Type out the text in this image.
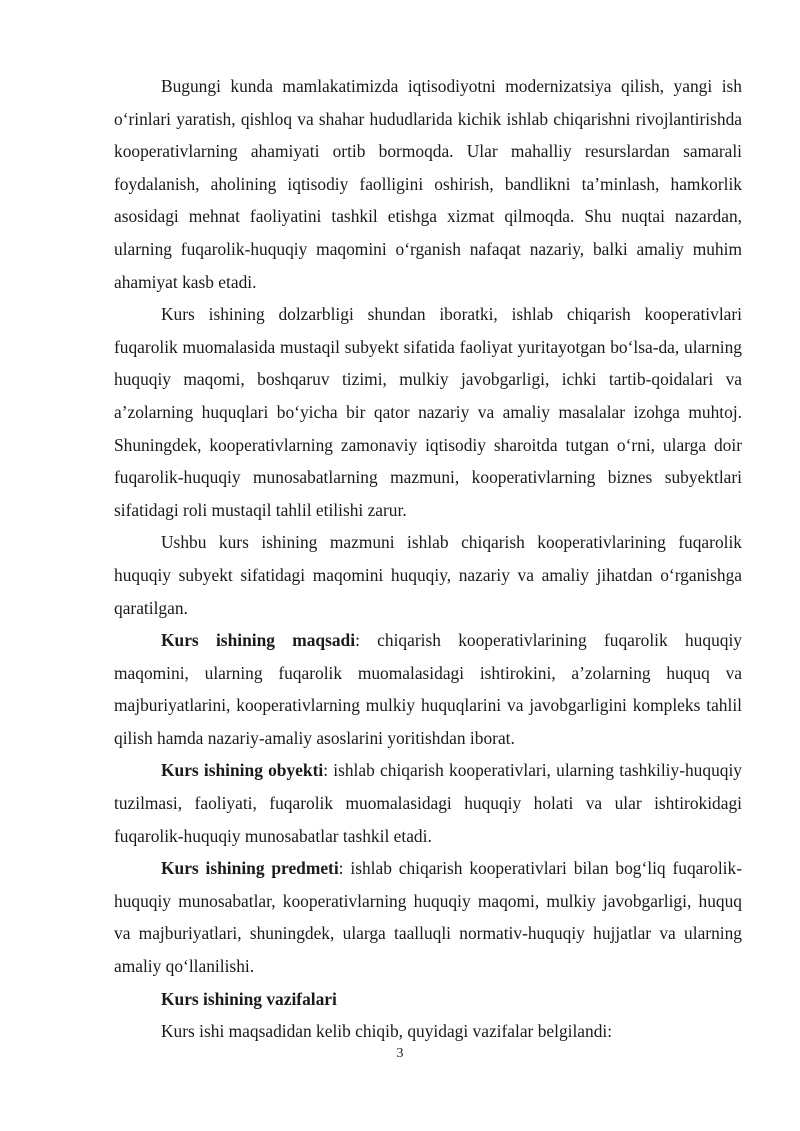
Bugungi kunda mamlakatimizda iqtisodiyotni modernizatsiya qilish, yangi ish o‘rinlari yaratish, qishloq va shahar hududlarida kichik ishlab chiqarishni rivojlantirishda kooperativlarning ahamiyati ortib bormoqda. Ular mahalliy resurslardan samarali foydalanish, aholining iqtisodiy faolligini oshirish, bandlikni ta’minlash, hamkorlik asosidagi mehnat faoliyatini tashkil etishga xizmat qilmoqda. Shu nuqtai nazardan, ularning fuqarolik-huquqiy maqomini o‘rganish nafaqat nazariy, balki amaliy muhim ahamiyat kasb etadi.

Kurs ishining dolzarbligi shundan iboratki, ishlab chiqarish kooperativlari fuqarolik muomalasida mustaqil subyekt sifatida faoliyat yuritayotgan bo‘lsa-da, ularning huquqiy maqomi, boshqaruv tizimi, mulkiy javobgarligi, ichki tartib-qoidalari va a’zolarning huquqlari bo‘yicha bir qator nazariy va amaliy masalalar izohga muhtoj. Shuningdek, kooperativlarning zamonaviy iqtisodiy sharoitda tutgan o‘rni, ularga doir fuqarolik-huquqiy munosabatlarning mazmuni, kooperativlarning biznes subyektlari sifatidagi roli mustaqil tahlil etilishi zarur.

Ushbu kurs ishining mazmuni ishlab chiqarish kooperativlarining fuqarolik huquqiy subyekt sifatidagi maqomini huquqiy, nazariy va amaliy jihatdan o‘rganishga qaratilgan.

Kurs ishining maqsadi: chiqarish kooperativlarining fuqarolik huquqiy maqomini, ularning fuqarolik muomalasidagi ishtirokini, a’zolarning huquq va majburiyatlarini, kooperativlarning mulkiy huquqlarini va javobgarligini kompleks tahlil qilish hamda nazariy-amaliy asoslarini yoritishdan iborat.

Kurs ishining obyekti: ishlab chiqarish kooperativlari, ularning tashkiliy-huquqiy tuzilmasi, faoliyati, fuqarolik muomalasidagi huquqiy holati va ular ishtirokidagi fuqarolik-huquqiy munosabatlar tashkil etadi.

Kurs ishining predmeti: ishlab chiqarish kooperativlari bilan bog‘liq fuqarolik-huquqiy munosabatlar, kooperativlarning huquqiy maqomi, mulkiy javobgarligi, huquq va majburiyatlari, shuningdek, ularga taalluqli normativ-huquqiy hujjatlar va ularning amaliy qo‘llanilishi.

Kurs ishining vazifalari

Kurs ishi maqsadidan kelib chiqib, quyidagi vazifalar belgilandi:

3
